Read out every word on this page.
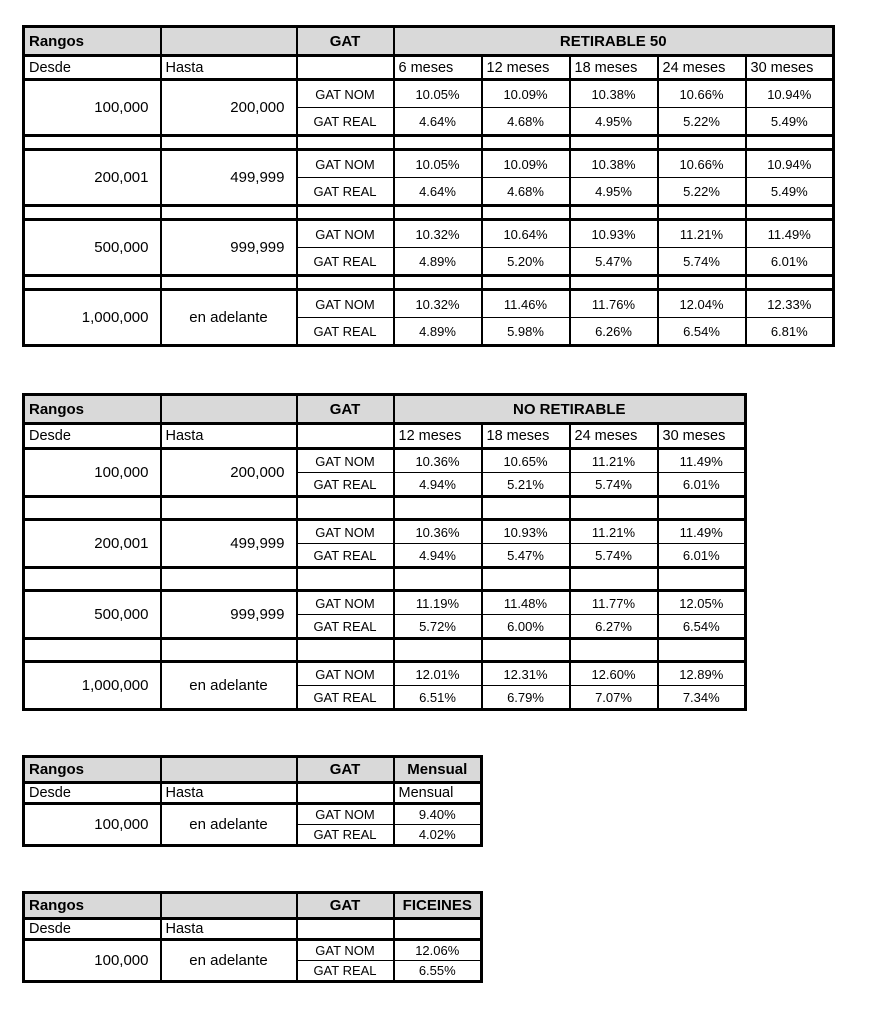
Rangos		GAT	RETIRABLE 50				
Desde	Hasta		6 meses	12 meses	18 meses	24 meses	30 meses
100,000	200,000	GAT NOM	10.05%	10.09%	10.38%	10.66%	10.94%
		GAT REAL	4.64%	4.68%	4.95%	5.22%	5.49%

200,001	499,999	GAT NOM	10.05%	10.09%	10.38%	10.66%	10.94%
		GAT REAL	4.64%	4.68%	4.95%	5.22%	5.49%

500,000	999,999	GAT NOM	10.32%	10.64%	10.93%	11.21%	11.49%
		GAT REAL	4.89%	5.20%	5.47%	5.74%	6.01%

1,000,000	en adelante	GAT NOM	10.32%	11.46%	11.76%	12.04%	12.33%
		GAT REAL	4.89%	5.98%	6.26%	6.54%	6.81%
Rangos		GAT	NO RETIRABLE			
Desde	Hasta		12 meses	18 meses	24 meses	30 meses
100,000	200,000	GAT NOM	10.36%	10.65%	11.21%	11.49%
		GAT REAL	4.94%	5.21%	5.74%	6.01%

200,001	499,999	GAT NOM	10.36%	10.93%	11.21%	11.49%
		GAT REAL	4.94%	5.47%	5.74%	6.01%

500,000	999,999	GAT NOM	11.19%	11.48%	11.77%	12.05%
		GAT REAL	5.72%	6.00%	6.27%	6.54%

1,000,000	en adelante	GAT NOM	12.01%	12.31%	12.60%	12.89%
		GAT REAL	6.51%	6.79%	7.07%	7.34%
Rangos		GAT	Mensual
Desde	Hasta		Mensual
100,000	en adelante	GAT NOM	9.40%
		GAT REAL	4.02%
Rangos		GAT	FICEINES
Desde	Hasta		
100,000	en adelante	GAT NOM	12.06%
		GAT REAL	6.55%
